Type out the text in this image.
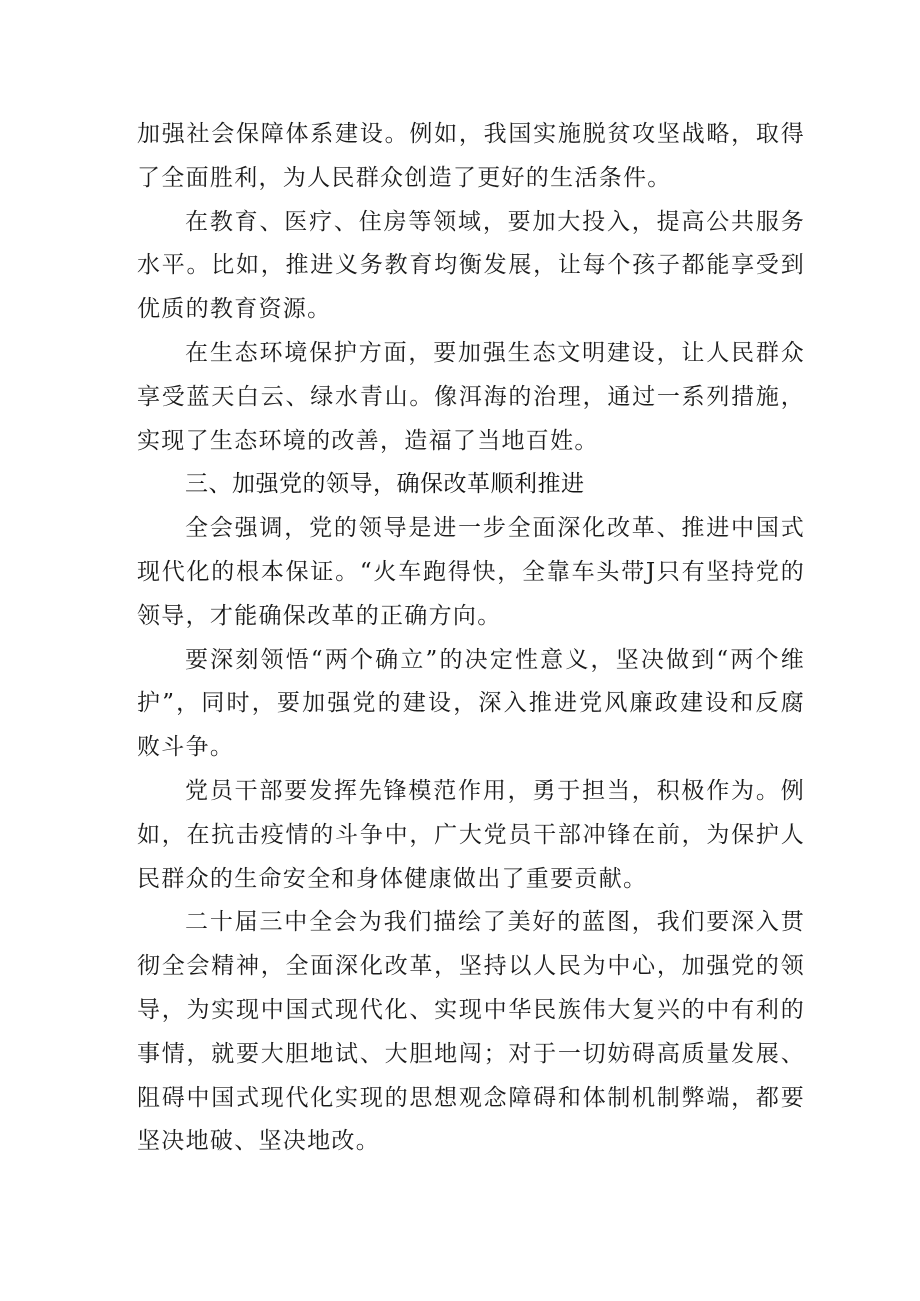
加强社会保障体系建设。例如，我国实施脱贫攻坚战略，取得了全面胜利，为人民群众创造了更好的生活条件。

在教育、医疗、住房等领域，要加大投入，提高公共服务水平。比如，推进义务教育均衡发展，让每个孩子都能享受到优质的教育资源。

在生态环境保护方面，要加强生态文明建设，让人民群众享受蓝天白云、绿水青山。像洱海的治理，通过一系列措施，实现了生态环境的改善，造福了当地百姓。

三、加强党的领导，确保改革顺利推进

全会强调，党的领导是进一步全面深化改革、推进中国式现代化的根本保证。“火车跑得快，全靠车头带J只有坚持党的领导，才能确保改革的正确方向。

要深刻领悟“两个确立”的决定性意义，坚决做到“两个维护”，同时，要加强党的建设，深入推进党风廉政建设和反腐败斗争。

党员干部要发挥先锋模范作用，勇于担当，积极作为。例如，在抗击疫情的斗争中，广大党员干部冲锋在前，为保护人民群众的生命安全和身体健康做出了重要贡献。

二十届三中全会为我们描绘了美好的蓝图，我们要深入贯彻全会精神，全面深化改革，坚持以人民为中心，加强党的领导，为实现中国式现代化、实现中华民族伟大复兴的中有利的事情，就要大胆地试、大胆地闯；对于一切妨碍高质量发展、阻碍中国式现代化实现的思想观念障碍和体制机制弊端，都要坚决地破、坚决地改。
